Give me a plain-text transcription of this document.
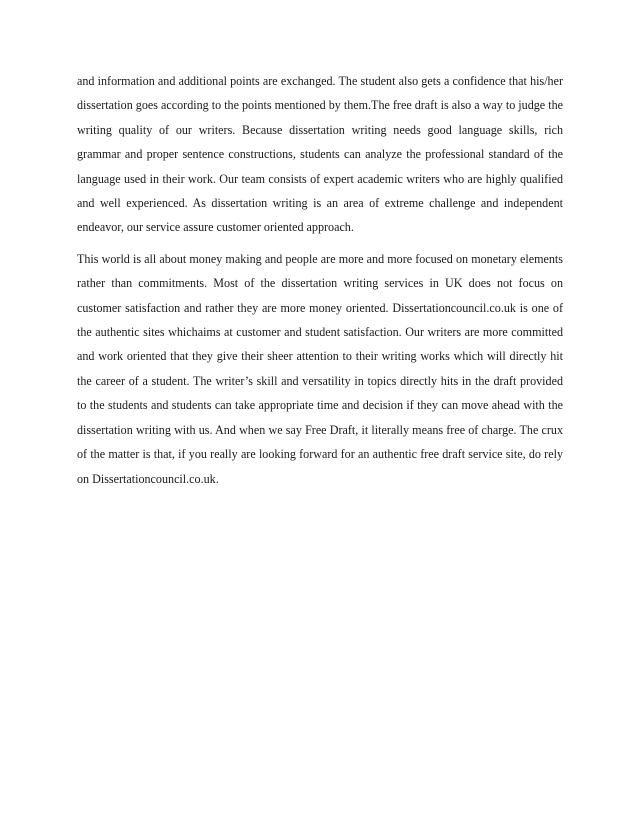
and information and additional points are exchanged. The student also gets a confidence that his/her dissertation goes according to the points mentioned by them.The free draft is also a way to judge the writing quality of our writers. Because dissertation writing needs good language skills, rich grammar and proper sentence constructions, students can analyze the professional standard of the language used in their work. Our team consists of expert academic writers who are highly qualified and well experienced. As dissertation writing is an area of extreme challenge and independent endeavor, our service assure customer oriented approach.

This world is all about money making and people are more and more focused on monetary elements rather than commitments. Most of the dissertation writing services in UK does not focus on customer satisfaction and rather they are more money oriented. Dissertationcouncil.co.uk is one of the authentic sites whichaims at customer and student satisfaction. Our writers are more committed and work oriented that they give their sheer attention to their writing works which will directly hit the career of a student. The writer’s skill and versatility in topics directly hits in the draft provided to the students and students can take appropriate time and decision if they can move ahead with the dissertation writing with us. And when we say Free Draft, it literally means free of charge. The crux of the matter is that, if you really are looking forward for an authentic free draft service site, do rely on Dissertationcouncil.co.uk.
